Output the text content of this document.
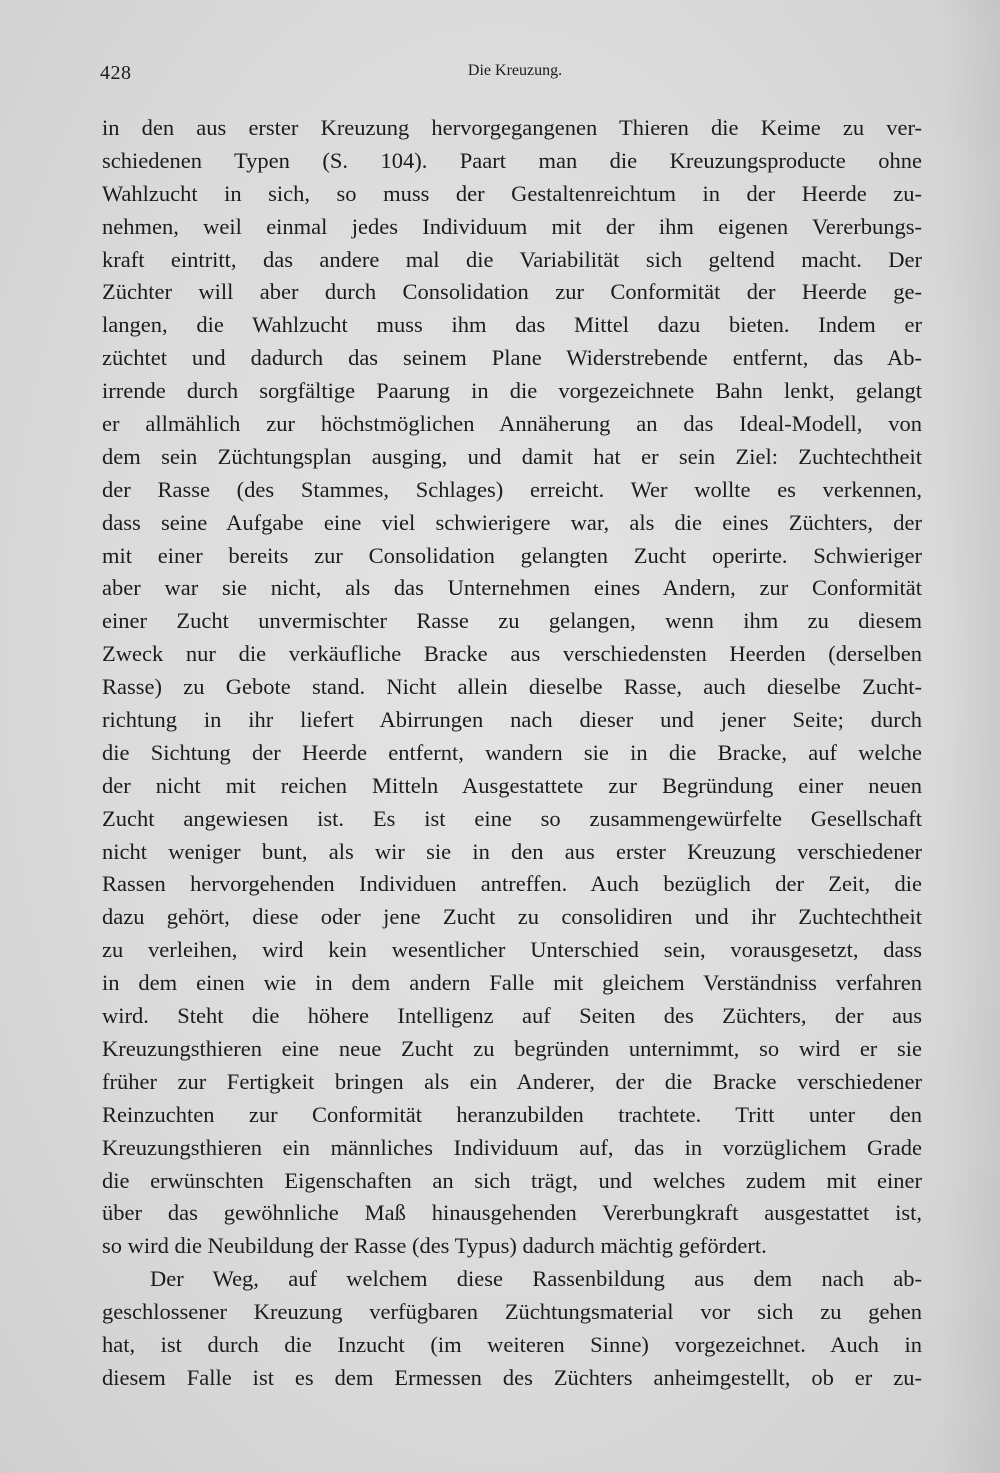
428	Die Kreuzung.
in den aus erster Kreuzung hervorgegangenen Thieren die Keime zu ver-
schiedenen Typen (S. 104). Paart man die Kreuzungsproducte ohne
Wahlzucht in sich, so muss der Gestaltenreichtum in der Heerde zu-
nehmen, weil einmal jedes Individuum mit der ihm eigenen Vererbungs-
kraft eintritt, das andere mal die Variabilität sich geltend macht. Der
Züchter will aber durch Consolidation zur Conformität der Heerde ge-
langen, die Wahlzucht muss ihm das Mittel dazu bieten. Indem er
züchtet und dadurch das seinem Plane Widerstrebende entfernt, das Ab-
irrende durch sorgfältige Paarung in die vorgezeichnete Bahn lenkt, gelangt
er allmählich zur höchstmöglichen Annäherung an das Ideal-Modell, von
dem sein Züchtungsplan ausging, und damit hat er sein Ziel: Zuchtechtheit
der Rasse (des Stammes, Schlages) erreicht. Wer wollte es verkennen,
dass seine Aufgabe eine viel schwierigere war, als die eines Züchters, der
mit einer bereits zur Consolidation gelangten Zucht operirte. Schwieriger
aber war sie nicht, als das Unternehmen eines Andern, zur Conformität
einer Zucht unvermischter Rasse zu gelangen, wenn ihm zu diesem
Zweck nur die verkäufliche Bracke aus verschiedensten Heerden (derselben
Rasse) zu Gebote stand. Nicht allein dieselbe Rasse, auch dieselbe Zucht-
richtung in ihr liefert Abirrungen nach dieser und jener Seite; durch
die Sichtung der Heerde entfernt, wandern sie in die Bracke, auf welche
der nicht mit reichen Mitteln Ausgestattete zur Begründung einer neuen
Zucht angewiesen ist. Es ist eine so zusammengewürfelte Gesellschaft
nicht weniger bunt, als wir sie in den aus erster Kreuzung verschiedener
Rassen hervorgehenden Individuen antreffen. Auch bezüglich der Zeit, die
dazu gehört, diese oder jene Zucht zu consolidiren und ihr Zuchtechtheit
zu verleihen, wird kein wesentlicher Unterschied sein, vorausgesetzt, dass
in dem einen wie in dem andern Falle mit gleichem Verständniss verfahren
wird. Steht die höhere Intelligenz auf Seiten des Züchters, der aus
Kreuzungsthieren eine neue Zucht zu begründen unternimmt, so wird er sie
früher zur Fertigkeit bringen als ein Anderer, der die Bracke verschiedener
Reinzuchten zur Conformität heranzubilden trachtete. Tritt unter den
Kreuzungsthieren ein männliches Individuum auf, das in vorzüglichem Grade
die erwünschten Eigenschaften an sich trägt, und welches zudem mit einer
über das gewöhnliche Maß hinausgehenden Vererbungkraft ausgestattet ist,
so wird die Neubildung der Rasse (des Typus) dadurch mächtig gefördert.
Der Weg, auf welchem diese Rassenbildung aus dem nach ab-
geschlossener Kreuzung verfügbaren Züchtungsmaterial vor sich zu gehen
hat, ist durch die Inzucht (im weiteren Sinne) vorgezeichnet. Auch in
diesem Falle ist es dem Ermessen des Züchters anheimgestellt, ob er zu-
